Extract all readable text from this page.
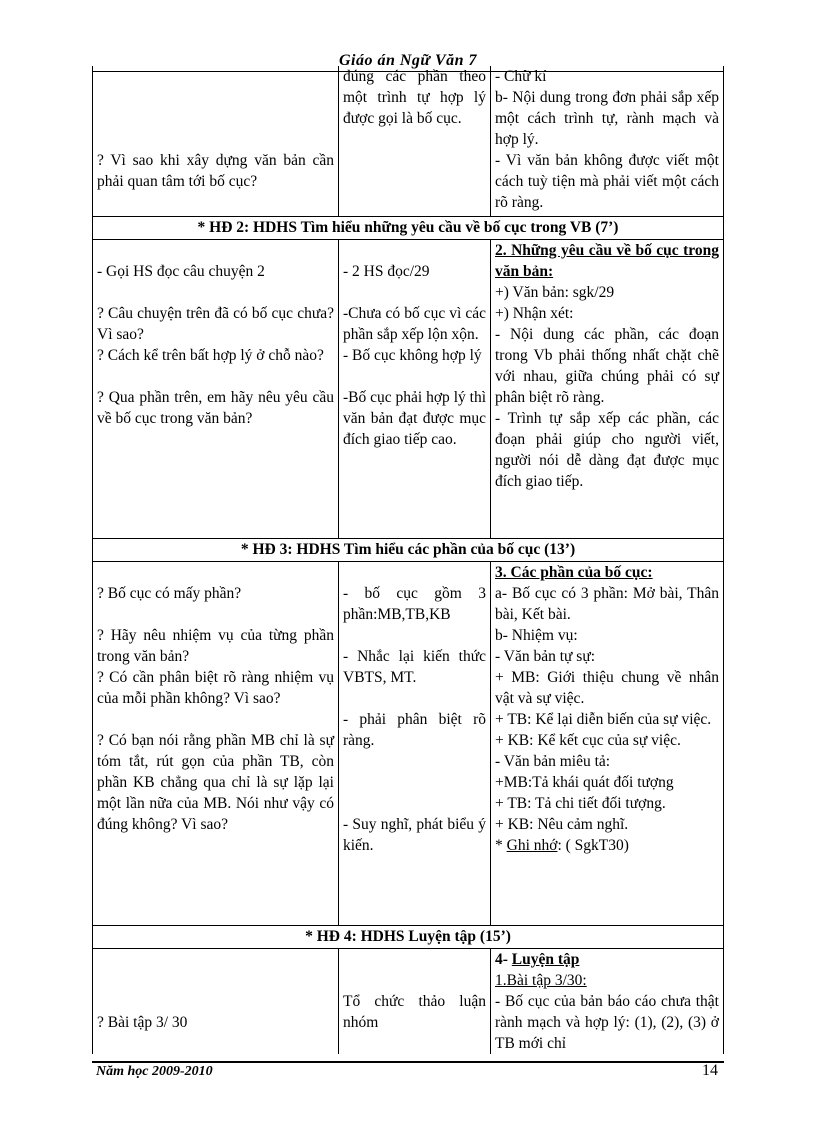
Giáo án Ngữ Văn 7

? Vì sao khi xây dựng văn bản cần phải quan tâm tới bố cục?

đúng các phần theo một trình tự hợp lý được gọi là bố cục.

- Chữ kí

b- Nội dung trong đơn phải sắp xếp một cách trình tự, rành mạch và hợp lý.

- Vì văn bản không được viết một cách tuỳ tiện mà phải viết một cách rõ ràng.

* HĐ 2: HDHS Tìm hiểu những yêu cầu về bố cục trong VB (7’)

- Gọi HS đọc câu chuyện 2

? Câu chuyện trên đã có bố cục chưa? Vì sao?

? Cách kể trên bất hợp lý ở chỗ nào?

? Qua phần trên, em hãy nêu yêu cầu về bố cục trong văn bản?

- 2 HS đọc/29

-Chưa có bố cục vì các phần sắp xếp lộn xộn.

- Bố cục không hợp lý

-Bố cục phải hợp lý thì văn bản đạt được mục đích giao tiếp cao.

2. Những yêu cầu về bố cục trong văn bản:

+) Văn bản: sgk/29

+) Nhận xét:

- Nội dung các phần, các đoạn trong Vb phải thống nhất chặt chẽ với nhau, giữa chúng phải có sự phân biệt rõ ràng.

- Trình tự sắp xếp các phần, các đoạn phải giúp cho người viết, người nói dễ dàng đạt được mục đích giao tiếp.

* HĐ 3: HDHS Tìm hiểu các phần của bố cục (13’)

? Bố cục có mấy phần?

? Hãy nêu nhiệm vụ của từng phần trong văn bản?

? Có cần phân biệt rõ ràng nhiệm vụ của mỗi phần không? Vì sao?

? Có bạn nói rằng phần MB chỉ là sự tóm tắt, rút gọn của phần TB, còn phần KB chẳng qua chỉ là sự lặp lại một lần nữa của MB. Nói như vậy có đúng không? Vì sao?

- bố cục gồm 3 phần:MB,TB,KB

- Nhắc lại kiến thức VBTS, MT.

- phải phân biệt rõ ràng.

- Suy nghĩ, phát biểu ý kiến.

3. Các phần của bố cục:

a- Bố cục có 3 phần: Mở bài, Thân bài, Kết bài.

b- Nhiệm vụ:

- Văn bản tự sự:

+ MB: Giới thiệu chung về nhân vật và sự việc.

+ TB: Kể lại diễn biến của sự việc.

+ KB: Kể kết cục của sự việc.

- Văn bản miêu tả:

+MB:Tả khái quát đối tượng

+ TB: Tả chi tiết đối tượng.

+ KB: Nêu cảm nghĩ.

* Ghi nhớ: ( SgkT30)

* HĐ 4: HDHS Luyện tập (15’)

? Bài tập 3/ 30

Tổ chức thảo luận nhóm

4- Luyện tập

1.Bài tập 3/30:

- Bố cục của bản báo cáo chưa thật rành mạch và hợp lý: (1), (2), (3) ở TB mới chỉ

Năm học 2009-2010	14
